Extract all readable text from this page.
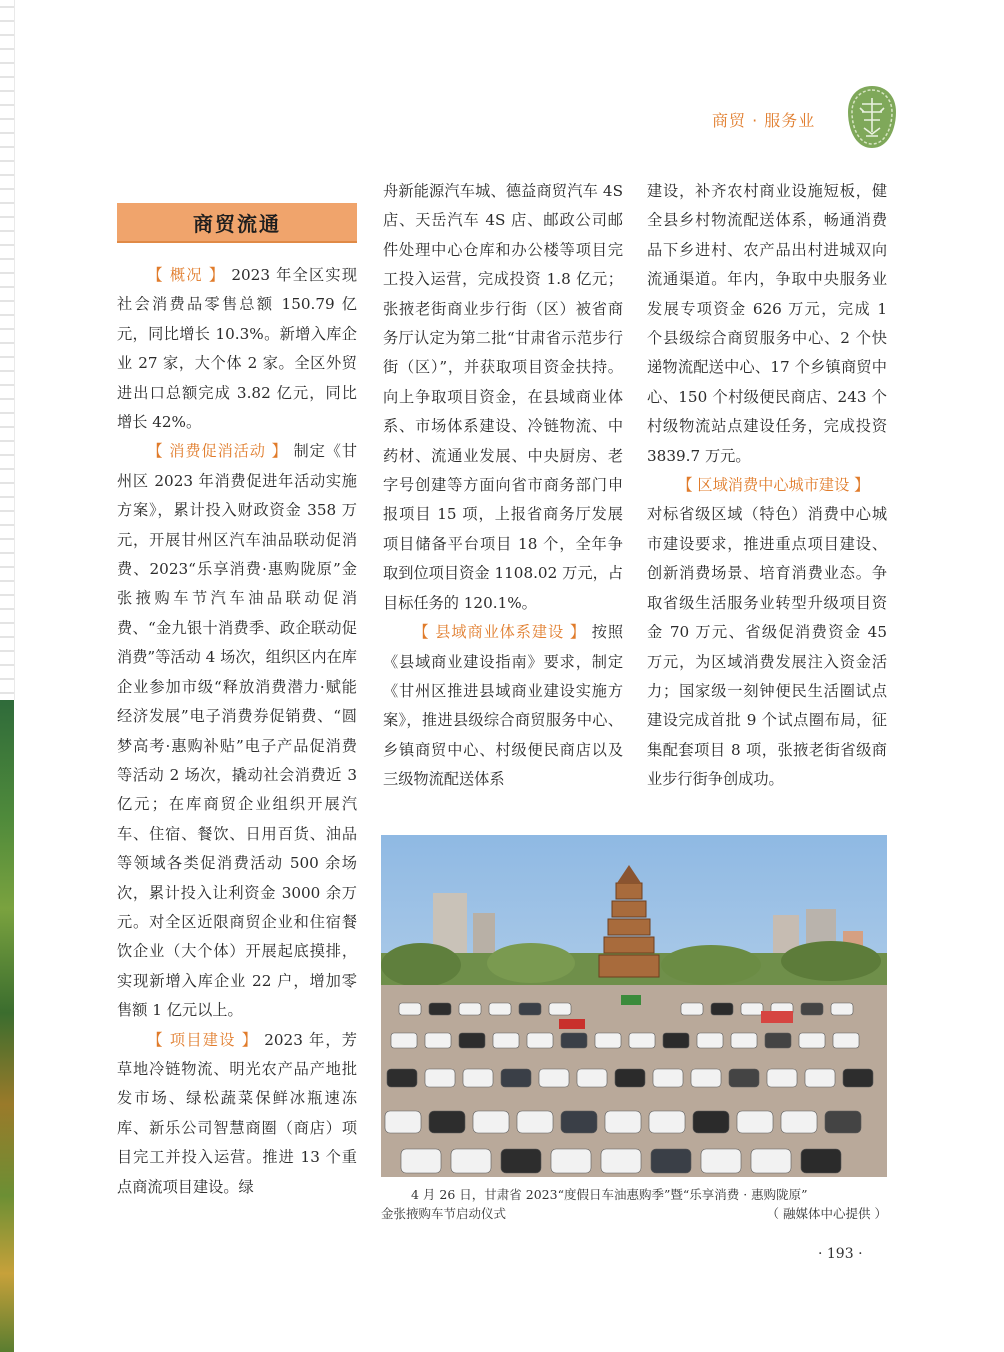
商贸 · 服务业
商贸流通

【 概况 】 2023 年全区实现社会消费品零售总额 150.79 亿元，同比增长 10.3%。新增入库企业 27 家，大个体 2 家。全区外贸进出口总额完成 3.82 亿元，同比增长 42%。

【 消费促消活动 】 制定《甘州区 2023 年消费促进年活动实施方案》，累计投入财政资金 358 万元，开展甘州区汽车油品联动促消费、2023“乐享消费·惠购陇原”金张掖购车节汽车油品联动促消费、“金九银十消费季、政企联动促消费”等活动 4 场次，组织区内在库企业参加市级“释放消费潜力·赋能经济发展”电子消费券促销费、“圆梦高考·惠购补贴”电子产品促消费等活动 2 场次，撬动社会消费近 3 亿元；在库商贸企业组织开展汽车、住宿、餐饮、日用百货、油品等领域各类促消费活动 500 余场次，累计投入让利资金 3000 余万元。对全区近限商贸企业和住宿餐饮企业（大个体）开展起底摸排，实现新增入库企业 22 户，增加零售额 1 亿元以上。

【 项目建设 】 2023 年，芳草地冷链物流、明光农产品产地批发市场、绿松蔬菜保鲜冰瓶速冻库、新乐公司智慧商圈（商店）项目完工并投入运营。推进 13 个重点商流项目建设。绿

舟新能源汽车城、德益商贸汽车 4S 店、天岳汽车 4S 店、邮政公司邮件处理中心仓库和办公楼等项目完工投入运营，完成投资 1.8 亿元；张掖老街商业步行街（区）被省商务厅认定为第二批“甘肃省示范步行街（区）”，并获取项目资金扶持。向上争取项目资金，在县域商业体系、市场体系建设、冷链物流、中药材、流通业发展、中央厨房、老字号创建等方面向省市商务部门申报项目 15 项，上报省商务厅发展项目储备平台项目 18 个，全年争取到位项目资金 1108.02 万元，占目标任务的 120.1%。

【 县域商业体系建设 】 按照《县域商业建设指南》要求，制定《甘州区推进县域商业建设实施方案》，推进县级综合商贸服务中心、乡镇商贸中心、村级便民商店以及三级物流配送体系

建设，补齐农村商业设施短板，健全县乡村物流配送体系，畅通消费品下乡进村、农产品出村进城双向流通渠道。年内，争取中央服务业发展专项资金 626 万元，完成 1 个县级综合商贸服务中心、2 个快递物流配送中心、17 个乡镇商贸中心、150 个村级便民商店、243 个村级物流站点建设任务，完成投资 3839.7 万元。

【 区域消费中心城市建设 】

对标省级区域（特色）消费中心城市建设要求，推进重点项目建设、创新消费场景、培育消费业态。争取省级生活服务业转型升级项目资金 70 万元、省级促消费资金 45 万元，为区域消费发展注入资金活力；国家级一刻钟便民生活圈试点建设完成首批 9 个试点圈布局，征集配套项目 8 项，张掖老街省级商业步行街争创成功。

4 月 26 日，甘肃省 2023“度假日车油惠购季”暨“乐享消费 · 惠购陇原”
金张掖购车节启动仪式	（ 融媒体中心提供 ）
· 193 ·
